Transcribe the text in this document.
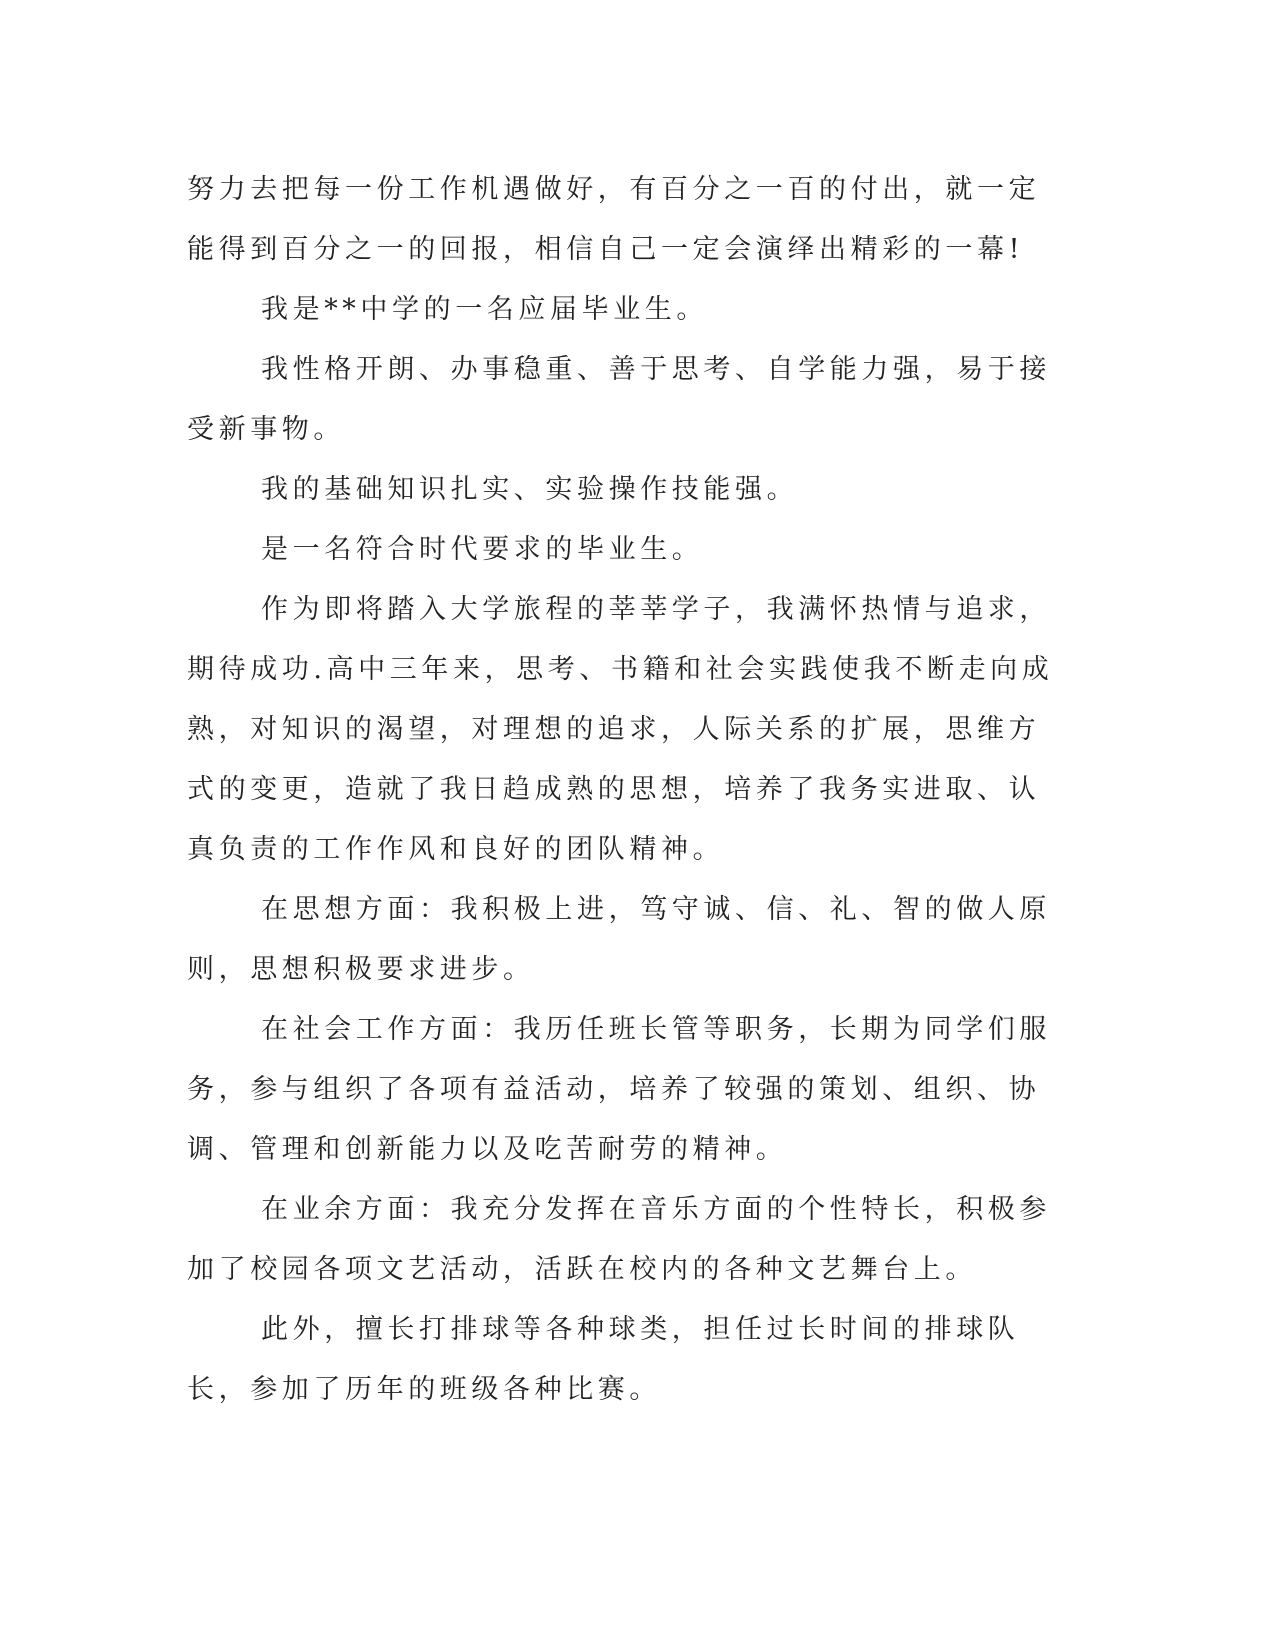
努力去把每一份工作机遇做好，有百分之一百的付出，就一定能得到百分之一的回报，相信自己一定会演绎出精彩的一幕!

我是**中学的一名应届毕业生。

我性格开朗、办事稳重、善于思考、自学能力强，易于接受新事物。

我的基础知识扎实、实验操作技能强。

是一名符合时代要求的毕业生。

作为即将踏入大学旅程的莘莘学子，我满怀热情与追求，期待成功.高中三年来，思考、书籍和社会实践使我不断走向成熟，对知识的渴望，对理想的追求，人际关系的扩展，思维方式的变更，造就了我日趋成熟的思想，培养了我务实进取、认真负责的工作作风和良好的团队精神。

在思想方面：我积极上进，笃守诚、信、礼、智的做人原则，思想积极要求进步。

在社会工作方面：我历任班长管等职务，长期为同学们服务，参与组织了各项有益活动，培养了较强的策划、组织、协调、管理和创新能力以及吃苦耐劳的精神。

在业余方面：我充分发挥在音乐方面的个性特长，积极参加了校园各项文艺活动，活跃在校内的各种文艺舞台上。

此外，擅长打排球等各种球类，担任过长时间的排球队长，参加了历年的班级各种比赛。
